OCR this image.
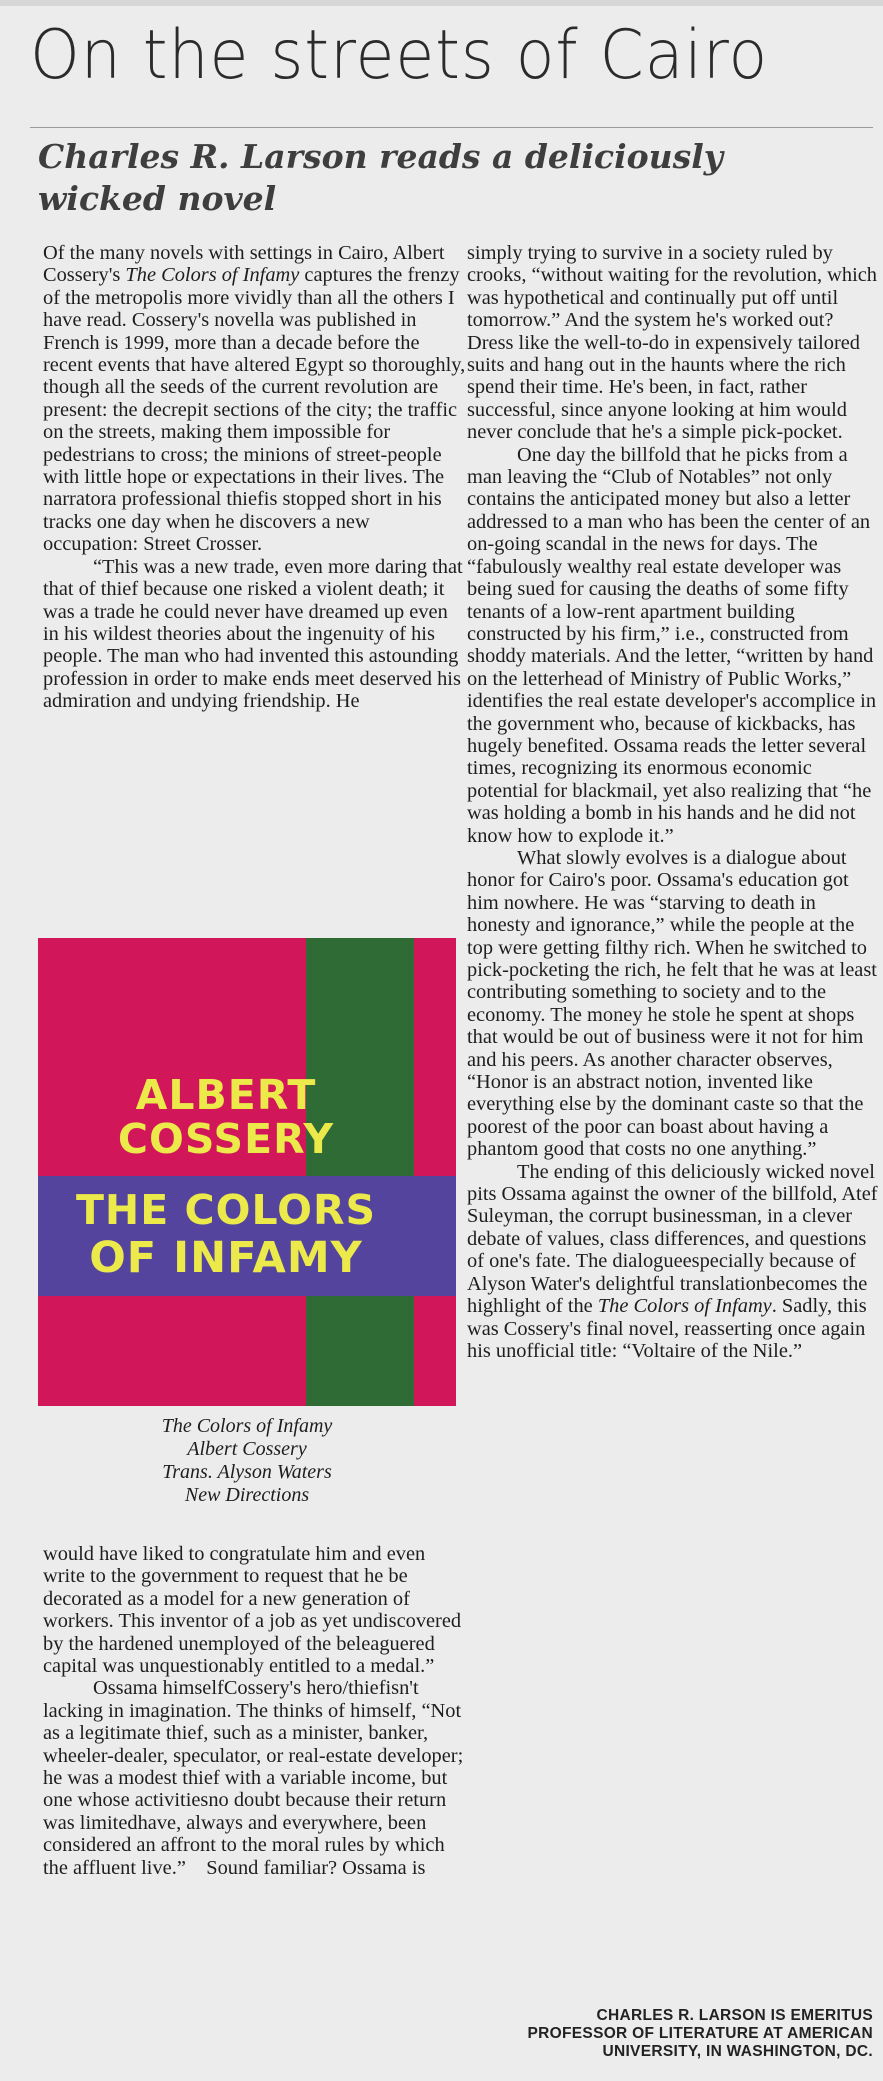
On the streets of Cairo
Charles R. Larson reads a deliciously wicked novel

Of the many novels with settings in Cairo, Albert Cossery's The Colors of Infamy captures the frenzy of the metropolis more vividly than all the others I have read. Cossery's novella was published in French is 1999, more than a decade before the recent events that have altered Egypt so thoroughly, though all the seeds of the current revolution are present: the decrepit sections of the city; the traffic on the streets, making them impossible for pedestrians to cross; the minions of street-people with little hope or expectations in their lives. The narratora professional thiefis stopped short in his tracks one day when he discovers a new occupation: Street Crosser.

“This was a new trade, even more daring that that of thief because one risked a violent death; it was a trade he could never have dreamed up even in his wildest theories about the ingenuity of his people. The man who had invented this astounding profession in order to make ends meet deserved his admiration and undying friendship. He

ALBERT
COSSERY
THE COLORS
OF INFAMY
The Colors of Infamy
Albert Cossery
Trans. Alyson Waters
New Directions

would have liked to congratulate him and even write to the government to request that he be decorated as a model for a new generation of workers. This inventor of a job as yet undiscovered by the hardened unemployed of the beleaguered capital was unquestionably entitled to a medal.”

Ossama himselfCossery's hero/thiefisn't lacking in imagination. The thinks of himself, “Not as a legitimate thief, such as a minister, banker, wheeler-dealer, speculator, or real-estate developer; he was a modest thief with a variable income, but one whose activitiesno doubt because their return was limitedhave, always and everywhere, been considered an affront to the moral rules by which the affluent live.”    Sound familiar? Ossama is

simply trying to survive in a society ruled by crooks, “without waiting for the revolution, which was hypothetical and continually put off until tomorrow.” And the system he's worked out? Dress like the well-to-do in expensively tailored suits and hang out in the haunts where the rich spend their time. He's been, in fact, rather successful, since anyone looking at him would never conclude that he's a simple pick-pocket.

One day the billfold that he picks from a man leaving the “Club of Notables” not only contains the anticipated money but also a letter addressed to a man who has been the center of an on-going scandal in the news for days. The “fabulously wealthy real estate developer was being sued for causing the deaths of some fifty tenants of a low-rent apartment building constructed by his firm,” i.e., constructed from shoddy materials. And the letter, “written by hand on the letterhead of Ministry of Public Works,” identifies the real estate developer's accomplice in the government who, because of kickbacks, has hugely benefited. Ossama reads the letter several times, recognizing its enormous economic potential for blackmail, yet also realizing that “he was holding a bomb in his hands and he did not know how to explode it.”

What slowly evolves is a dialogue about honor for Cairo's poor. Ossama's education got him nowhere. He was “starving to death in honesty and ignorance,” while the people at the top were getting filthy rich. When he switched to pick-pocketing the rich, he felt that he was at least contributing something to society and to the economy. The money he stole he spent at shops that would be out of business were it not for him and his peers. As another character observes, “Honor is an abstract notion, invented like everything else by the dominant caste so that the poorest of the poor can boast about having a phantom good that costs no one anything.”

The ending of this deliciously wicked novel pits Ossama against the owner of the billfold, Atef Suleyman, the corrupt businessman, in a clever debate of values, class differences, and questions of one's fate. The dialogueespecially because of Alyson Water's delightful translationbecomes the highlight of the The Colors of Infamy. Sadly, this was Cossery's final novel, reasserting once again his unofficial title: “Voltaire of the Nile.”

CHARLES R. LARSON IS EMERITUS
PROFESSOR OF LITERATURE AT AMERICAN
UNIVERSITY, IN WASHINGTON, DC.
